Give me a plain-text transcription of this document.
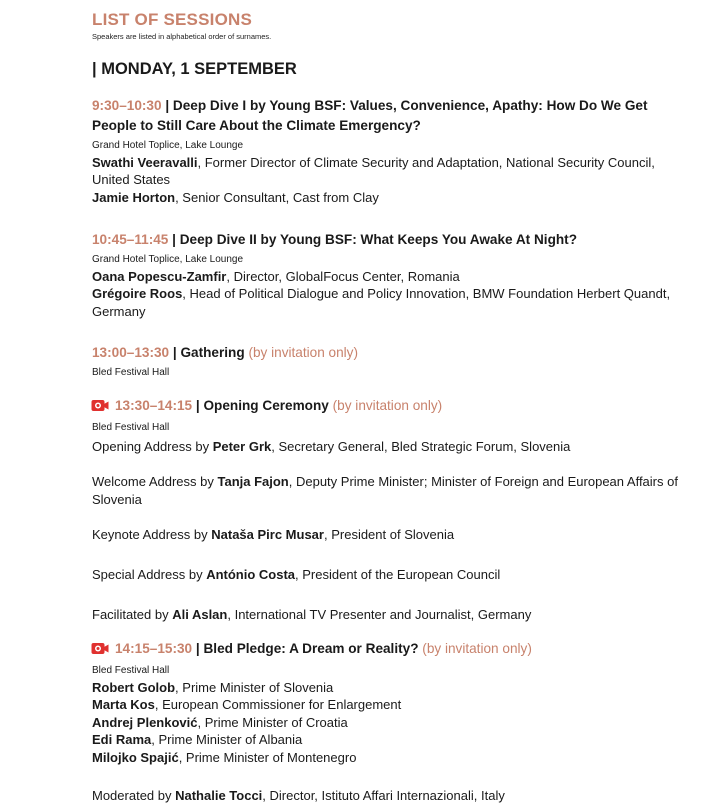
LIST OF SESSIONS
Speakers are listed in alphabetical order of surnames.
| MONDAY, 1 SEPTEMBER
9:30–10:30 | Deep Dive I by Young BSF: Values, Convenience, Apathy: How Do We Get People to Still Care About the Climate Emergency?
Grand Hotel Toplice, Lake Lounge
Swathi Veeravalli, Former Director of Climate Security and Adaptation, National Security Council, United States
Jamie Horton, Senior Consultant, Cast from Clay
10:45–11:45 | Deep Dive II by Young BSF: What Keeps You Awake At Night?
Grand Hotel Toplice, Lake Lounge
Oana Popescu-Zamfir, Director, GlobalFocus Center, Romania
Grégoire Roos, Head of Political Dialogue and Policy Innovation, BMW Foundation Herbert Quandt, Germany
13:00–13:30 | Gathering (by invitation only)
Bled Festival Hall
13:30–14:15 | Opening Ceremony (by invitation only)
Bled Festival Hall
Opening Address by Peter Grk, Secretary General, Bled Strategic Forum, Slovenia
Welcome Address by Tanja Fajon, Deputy Prime Minister; Minister of Foreign and European Affairs of Slovenia
Keynote Address by Nataša Pirc Musar, President of Slovenia
Special Address by António Costa, President of the European Council
Facilitated by Ali Aslan, International TV Presenter and Journalist, Germany
14:15–15:30 | Bled Pledge: A Dream or Reality? (by invitation only)
Bled Festival Hall
Robert Golob, Prime Minister of Slovenia
Marta Kos, European Commissioner for Enlargement
Andrej Plenković, Prime Minister of Croatia
Edi Rama, Prime Minister of Albania
Milojko Spajić, Prime Minister of Montenegro
Moderated by Nathalie Tocci, Director, Istituto Affari Internazionali, Italy
